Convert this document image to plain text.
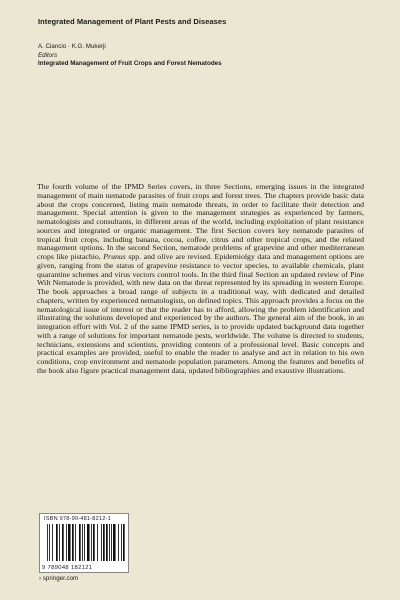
Integrated Management of Plant Pests and Diseases
A. Ciancio · K.G. Mukerji
Editors
Integrated Management of Fruit Crops and Forest Nematodes

The fourth volume of the IPMD Series covers, in three Sections, emerging issues in the integrated management of main nematode parasites of fruit crops and forest trees. The chapters provide basic data about the crops concerned, listing main nematode threats, in order to facilitate their detection and management. Special attention is given to the management strategies as experienced by farmers, nematologists and consultants, in different areas of the world, including exploitation of plant resistance sources and integrated or organic management. The first Section covers key nematode parasites of tropical fruit crops, including banana, cocoa, coffee, citrus and other tropical crops, and the related management options. In the second Section, nematode problems of grapevine and other mediterranean crops like pistachio, Prunus spp. and olive are revised. Epidemiolgy data and management options are given, ranging from the status of grapevine resistance to vector species, to available chemicals, plant quarantine schemes and virus vectors control tools. In the third final Section an updated review of Pine Wilt Nematode is provided, with new data on the threat represented by its spreading in western Europe. The book approaches a broad range of subjects in a traditional way, with dedicated and detailed chapters, written by experienced nematologists, on defined topics. This approach provides a focus on the nematological issue of interest or that the reader has to afford, allowing the problem identification and illustrating the solutions developed and experienced by the authors. The general aim of the book, in an integration effort with Vol. 2 of the same IPMD series, is to provide updated background data together with a range of solutions for important nematode pests, worldwide. The volume is directed to students, technicians, extensions and scientists, providing contents of a professional level. Basic concepts and practical examples are provided, useful to enable the reader to analyse and act in relation to his own conditions, crop environment and nematode population parameters. Among the features and benefits of the book also figure practical management data, updated bibliographies and exaustive illustrations.

ISBN 978-90-481-8212-1
9 789048 182121
› springer.com
